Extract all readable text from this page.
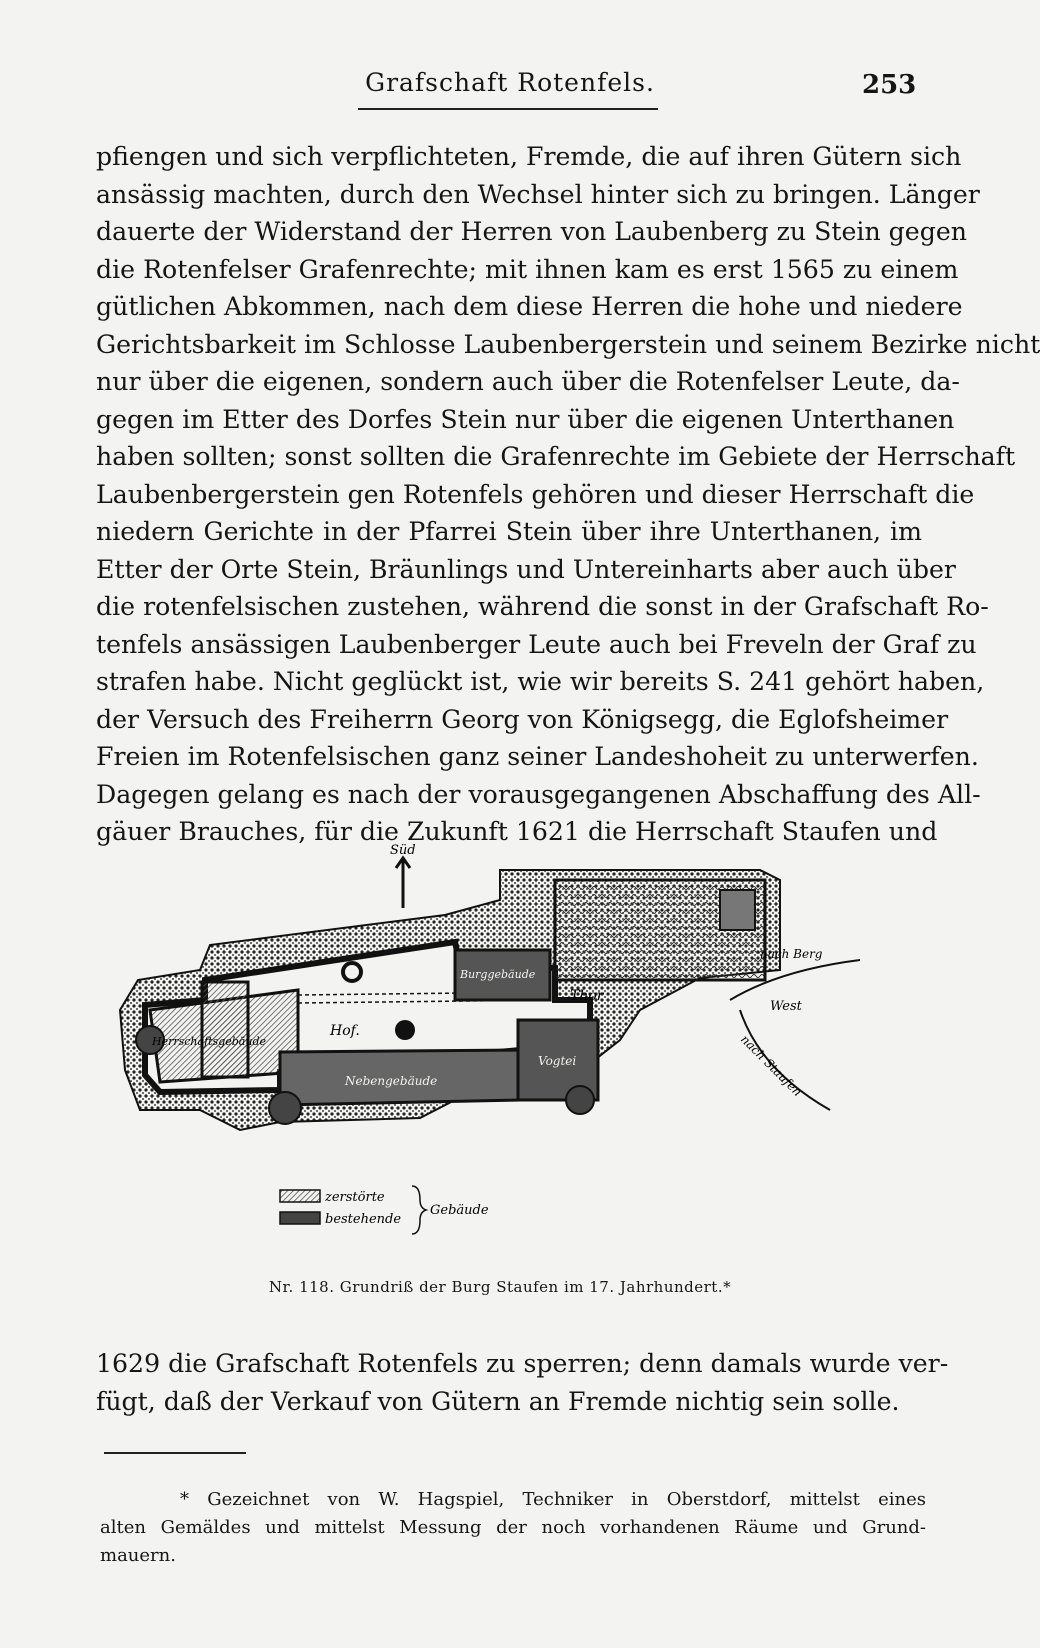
Grafschaft Rotenfels.	253
pfiengen und sich verpflichteten, Fremde, die auf ihren Gütern sich
ansässig machten, durch den Wechsel hinter sich zu bringen. Länger
dauerte der Widerstand der Herren von Laubenberg zu Stein gegen
die Rotenfelser Grafenrechte; mit ihnen kam es erst 1565 zu einem
gütlichen Abkommen, nach dem diese Herren die hohe und niedere
Gerichtsbarkeit im Schlosse Laubenbergerstein und seinem Bezirke nicht
nur über die eigenen, sondern auch über die Rotenfelser Leute, da-
gegen im Etter des Dorfes Stein nur über die eigenen Unterthanen
haben sollten; sonst sollten die Grafenrechte im Gebiete der Herrschaft
Laubenbergerstein gen Rotenfels gehören und dieser Herrschaft die
niedern Gerichte in der Pfarrei Stein über ihre Unterthanen, im
Etter der Orte Stein, Bräunlings und Untereinharts aber auch über
die rotenfelsischen zustehen, während die sonst in der Grafschaft Ro-
tenfels ansässigen Laubenberger Leute auch bei Freveln der Graf zu
strafen habe. Nicht geglückt ist, wie wir bereits S. 241 gehört haben,
der Versuch des Freiherrn Georg von Königsegg, die Eglofsheimer
Freien im Rotenfelsischen ganz seiner Landeshoheit zu unterwerfen.
Dagegen gelang es nach der vorausgegangenen Abschaffung des All-
gäuer Brauches, für die Zukunft 1621 die Herrschaft Staufen und
Süd
Hof.
Herrschaftsgebäude
Nebengebäude
Vogtei
Burggebäude
Thor
nach Berg
West
nach Staufen
zerstörte
bestehende
Gebäude
Nr. 118. Grundriß der Burg Staufen im 17. Jahrhundert.*
1629 die Grafschaft Rotenfels zu sperren; denn damals wurde ver-
fügt, daß der Verkauf von Gütern an Fremde nichtig sein solle.
* Gezeichnet von W. Hagspiel, Techniker in Oberstdorf, mittelst eines
alten Gemäldes und mittelst Messung der noch vorhandenen Räume und Grund-
mauern.
